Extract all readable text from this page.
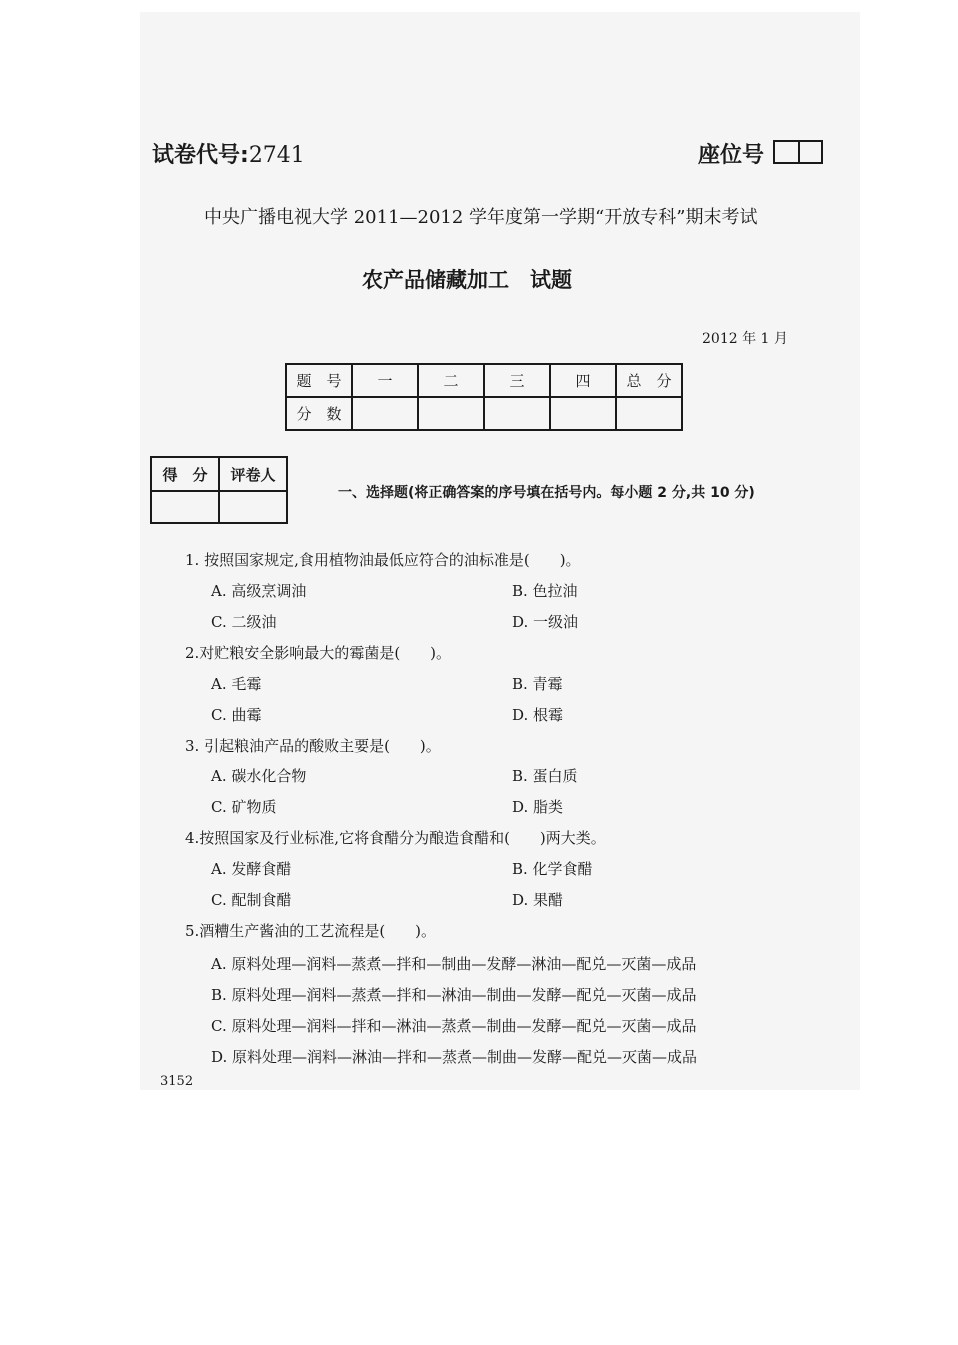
试卷代号:2741	座位号
中央广播电视大学 2011—2012 学年度第一学期“开放专科”期末考试
农产品储藏加工　试题
2012 年 1 月
题　号	一	二	三	四	总　分
分　数					
得　分	评卷人

一、选择题(将正确答案的序号填在括号内。每小题 2 分,共 10 分)
1. 按照国家规定,食用植物油最低应符合的油标准是(　　)。
A. 高级烹调油	B. 色拉油
C. 二级油	D. 一级油
2.对贮粮安全影响最大的霉菌是(　　)。
A. 毛霉	B. 青霉
C. 曲霉	D. 根霉
3. 引起粮油产品的酸败主要是(　　)。
A. 碳水化合物	B. 蛋白质
C. 矿物质	D. 脂类
4.按照国家及行业标准,它将食醋分为酿造食醋和(　　)两大类。
A. 发酵食醋	B. 化学食醋
C. 配制食醋	D. 果醋
5.酒糟生产酱油的工艺流程是(　　)。
A. 原料处理—润料—蒸煮—拌和—制曲—发酵—淋油—配兑—灭菌—成品
B. 原料处理—润料—蒸煮—拌和—淋油—制曲—发酵—配兑—灭菌—成品
C. 原料处理—润料—拌和—淋油—蒸煮—制曲—发酵—配兑—灭菌—成品
D. 原料处理—润料—淋油—拌和—蒸煮—制曲—发酵—配兑—灭菌—成品
3152
